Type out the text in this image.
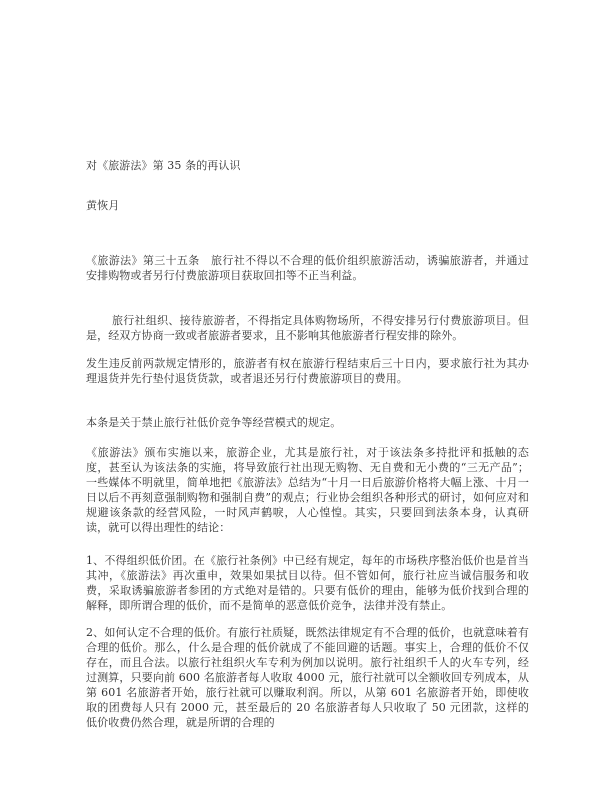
对《旅游法》第 35 条的再认识
黄恢月
《旅游法》第三十五条　旅行社不得以不合理的低价组织旅游活动，诱骗旅游者，并通过安排购物或者另行付费旅游项目获取回扣等不正当利益。
旅行社组织、接待旅游者，不得指定具体购物场所，不得安排另行付费旅游项目。但是，经双方协商一致或者旅游者要求，且不影响其他旅游者行程安排的除外。
发生违反前两款规定情形的，旅游者有权在旅游行程结束后三十日内，要求旅行社为其办理退货并先行垫付退货货款，或者退还另行付费旅游项目的费用。
本条是关于禁止旅行社低价竞争等经营模式的规定。
《旅游法》颁布实施以来，旅游企业，尤其是旅行社，对于该法条多持批评和抵触的态度，甚至认为该法条的实施，将导致旅行社出现无购物、无自费和无小费的“三无产品”；一些媒体不明就里，简单地把《旅游法》总结为“十月一日后旅游价格将大幅上涨、十月一日以后不再刻意强制购物和强制自费”的观点；行业协会组织各种形式的研讨，如何应对和规避该条款的经营风险，一时风声鹤唳，人心惶惶。其实，只要回到法条本身，认真研读，就可以得出理性的结论：
1、不得组织低价团。在《旅行社条例》中已经有规定，每年的市场秩序整治低价也是首当其冲，《旅游法》再次重申，效果如果拭目以待。但不管如何，旅行社应当诚信服务和收费，采取诱骗旅游者参团的方式绝对是错的。只要有低价的理由，能够为低价找到合理的解释，即所谓合理的低价，而不是简单的恶意低价竞争，法律并没有禁止。
2、如何认定不合理的低价。有旅行社质疑，既然法律规定有不合理的低价，也就意味着有合理的低价。那么，什么是合理的低价就成了不能回避的话题。事实上，合理的低价不仅存在，而且合法。以旅行社组织火车专利为例加以说明。旅行社组织千人的火车专列，经过测算，只要向前 600 名旅游者每人收取 4000 元，旅行社就可以全额收回专列成本，从第 601 名旅游者开始，旅行社就可以赚取利润。所以，从第 601 名旅游者开始，即使收取的团费每人只有 2000 元，甚至最后的 20 名旅游者每人只收取了 50 元团款，这样的低价收费仍然合理，就是所谓的合理的
